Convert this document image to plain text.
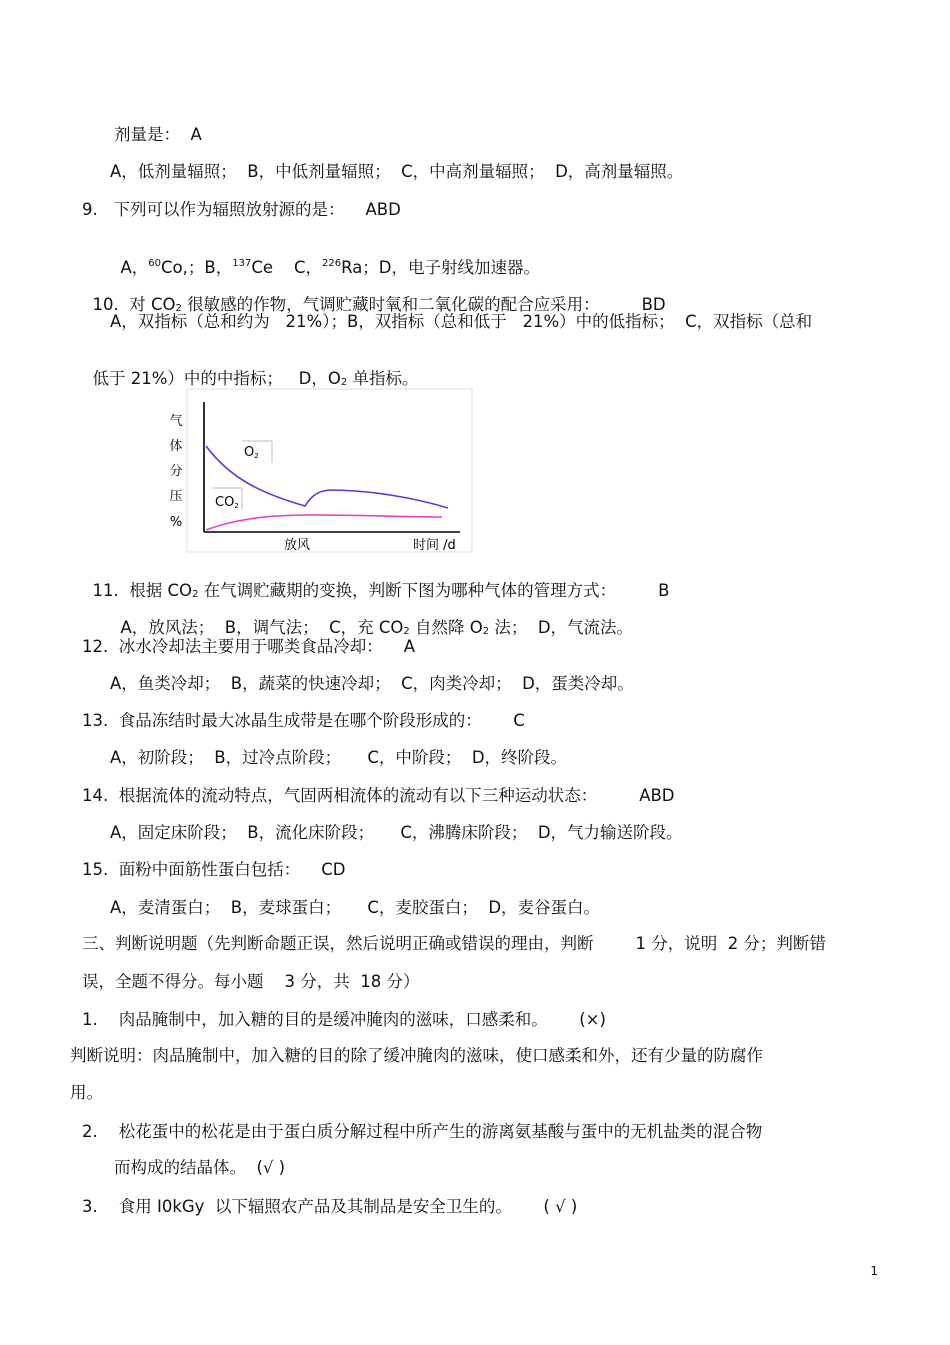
剂量是：  A
A，低剂量辐照；  B，中低剂量辐照；  C，中高剂量辐照；  D，高剂量辐照。
9.   下列可以作为辐照放射源的是：    ABD

A，$^{60}$Co,；B，$^{137}$Ce    C，$^{226}$Ra；D，电子射线加速器。

10.  对 $CO_2$ 很敏感的作物，气调贮藏时氧和二氧化碳的配合应采用：        BD

A，双指标（总和约为   21%）；B，双指标（总和低于   21%）中的低指标；  C，双指标（总和

低于 21%）中的中指标；   D，$O_2$ 单指标。

气
体
分
压
%
O2
CO2
放风	时间 /d

11.  根据 $CO_2$ 在气调贮藏期的变换，判断下图为哪种气体的管理方式：        B

A，放风法；  B，调气法；  C，充 $CO_2$ 自然降 $O_2$ 法；  D，气流法。

12.  冰水冷却法主要用于哪类食品冷却：    A
A，鱼类冷却；  B，蔬菜的快速冷却；  C，肉类冷却；  D，蛋类冷却。
13.  食品冻结时最大冰晶生成带是在哪个阶段形成的：      C
A，初阶段；  B，过冷点阶段；     C，中阶段；  D，终阶段。
14.  根据流体的流动特点，气固两相流体的流动有以下三种运动状态：        ABD
A，固定床阶段；  B，流化床阶段；     C，沸腾床阶段；  D，气力输送阶段。
15.  面粉中面筋性蛋白包括：    CD
A，麦清蛋白；  B，麦球蛋白；     C，麦胶蛋白；  D，麦谷蛋白。
三、判断说明题（先判断命题正误，然后说明正确或错误的理由，判断        1 分，说明  2 分；判断错
误，全题不得分。每小题    3 分，共  18 分）
1.    肉品腌制中，加入糖的目的是缓冲腌肉的滋味，口感柔和。      (×)
判断说明：肉品腌制中，加入糖的目的除了缓冲腌肉的滋味，使口感柔和外，还有少量的防腐作
用。
2.    松花蛋中的松花是由于蛋白质分解过程中所产生的游离氨基酸与蛋中的无机盐类的混合物
而构成的结晶体。  (√ )
3.    食用 I0kGy  以下辐照农产品及其制品是安全卫生的。      ( √ )
1
